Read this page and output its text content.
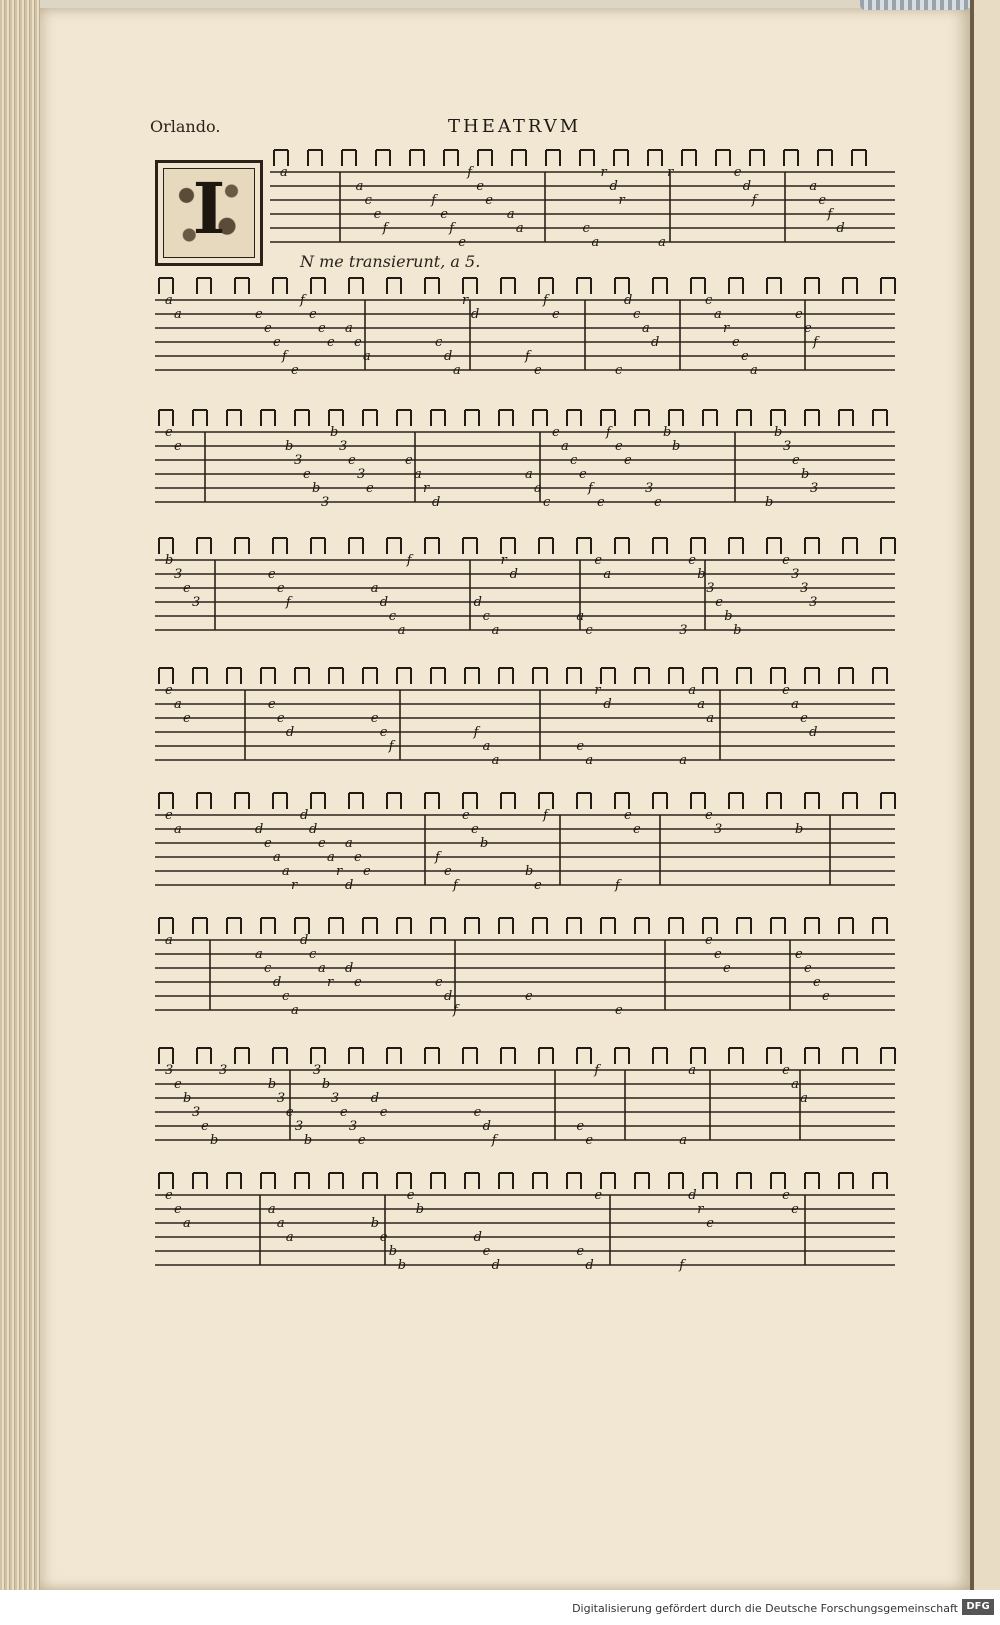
Orlando.	THEATRVM
I
N me transierunt, a 5.
a
a
c
e
f
f
e
f
e
f
e
e
a
a	c
a
r
d
r
a
r	e
d
f
a
e
f
d
a
a	e
e
e
f
e
f
e
e
e
a
e
a
c
d
a
r
d
f
e
f
e
c
d
c
a
d
c
a
r
e
e
a
e
e
f
e
e	b
3
e
b
3
b
3
e
3
e
e
a
r
d
a
a
c
e
a
c
e
f
e
f
e
e
3
e
b
b
b
b
3
e
b
3
b
3
e
3
e
e
f
a
d
c
a
f
d
c
a
r
d
a
c
e
a
3
e
b
3
e
b
b
e
3
3
3
e
a
e
e
e
d
e
e
f
f
a
a
e
a
r
d
a
a
a
a
e
a
e
d
e
a	d
e
a
a
r
d
d
e
a
r
d
a
e
e
f
e
f
e
e
b
b
e
f
f
e
e
e
3	b
a
a
c
d
c
a
d
c
a
r
d
e	e
d
f
e
e
e
e
e
e
e
e
e
3
e
b
3
e
b
3
b
3
e
3
b
3
b
3
e
3
e
d
e	e
d
f
e
e
f
a
a	e
a
a
e
e
a
a
a
a
b
e
b
b
e
b
d
e
d
e
d
e
f
d
r
e
e
e
Digitalisierung gefördert durch die Deutsche Forschungsgemeinschaft DFG
